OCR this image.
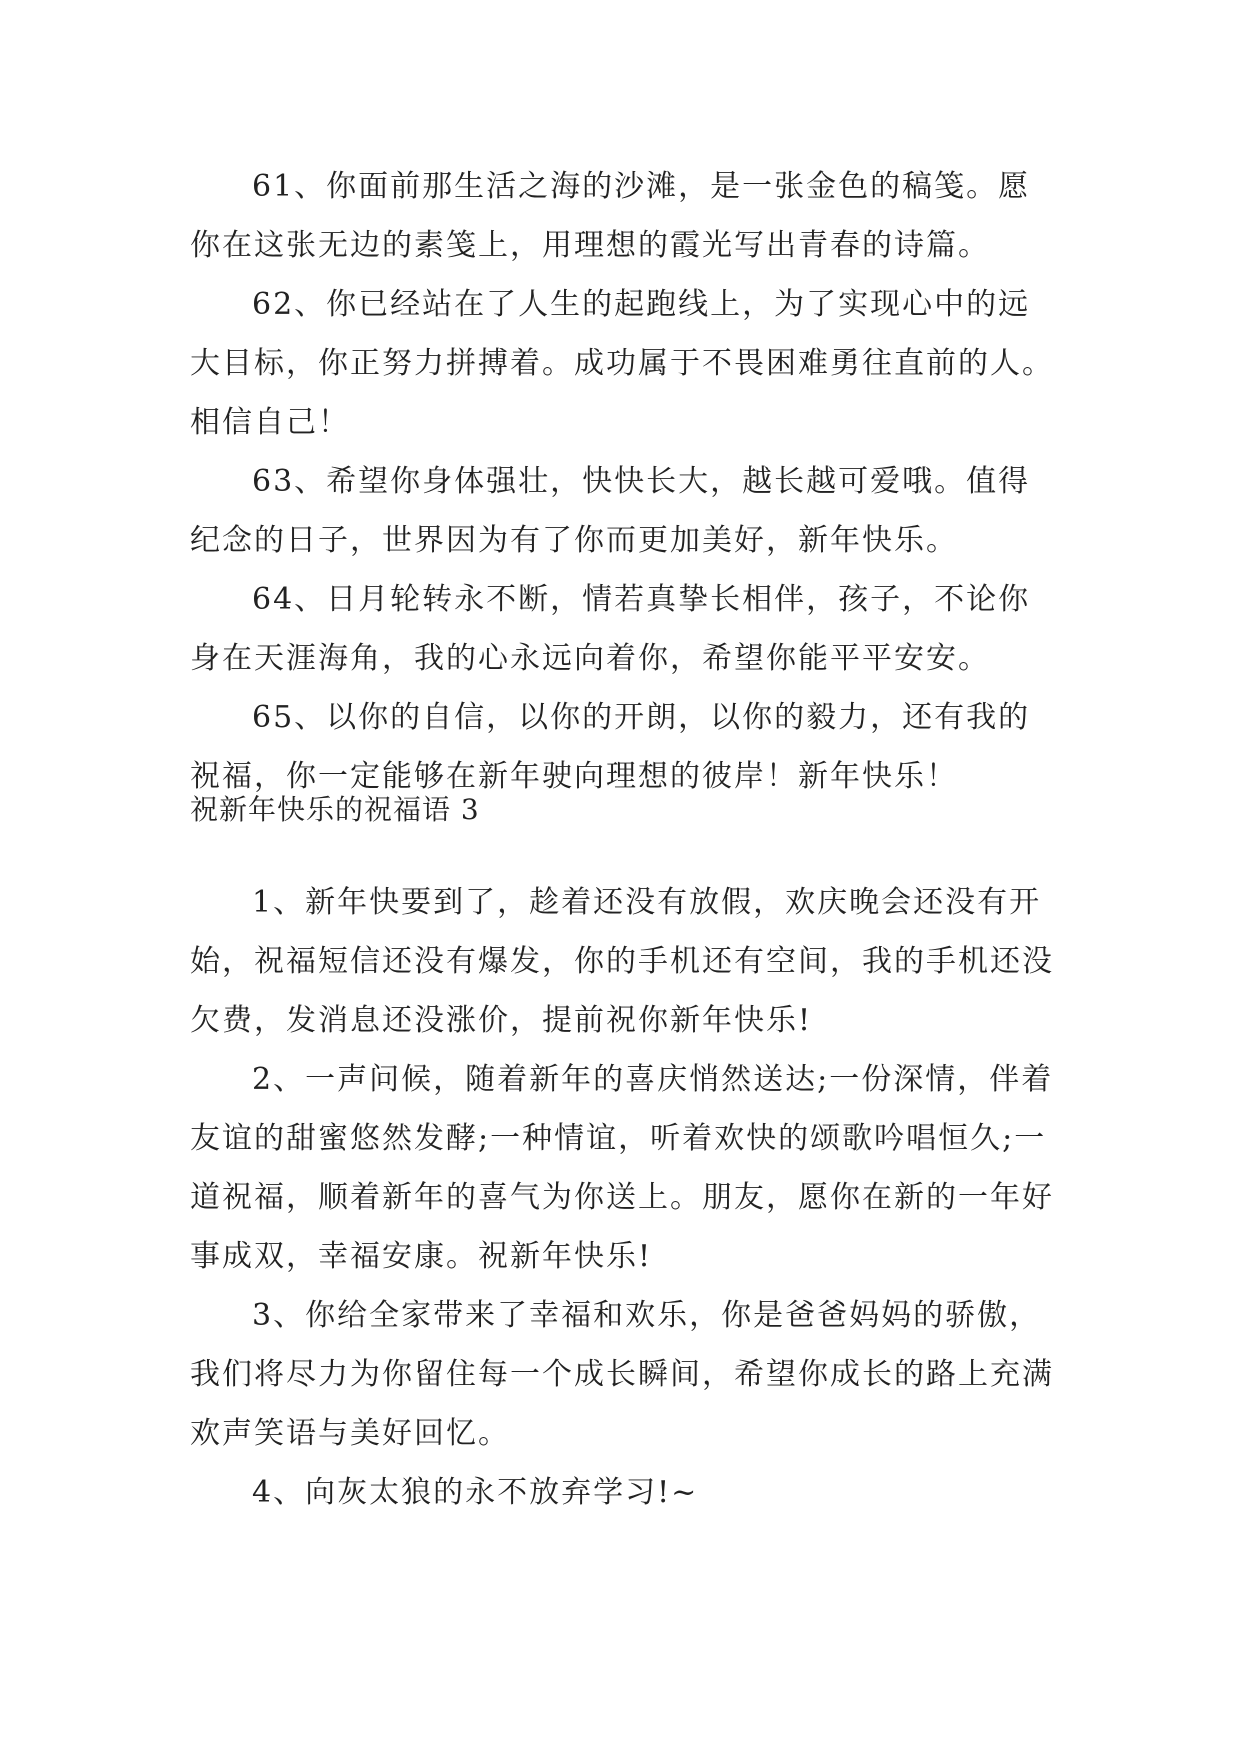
61、你面前那生活之海的沙滩，是一张金色的稿笺。愿你在这张无边的素笺上，用理想的霞光写出青春的诗篇。

62、你已经站在了人生的起跑线上，为了实现心中的远大目标，你正努力拼搏着。成功属于不畏困难勇往直前的人。相信自己！

63、希望你身体强壮，快快长大，越长越可爱哦。值得纪念的日子，世界因为有了你而更加美好，新年快乐。

64、日月轮转永不断，情若真挚长相伴，孩子，不论你身在天涯海角，我的心永远向着你，希望你能平平安安。

65、以你的自信，以你的开朗，以你的毅力，还有我的祝福，你一定能够在新年驶向理想的彼岸！新年快乐！

祝新年快乐的祝福语 3

1、新年快要到了，趁着还没有放假，欢庆晚会还没有开始，祝福短信还没有爆发，你的手机还有空间，我的手机还没欠费，发消息还没涨价，提前祝你新年快乐!

2、一声问候，随着新年的喜庆悄然送达;一份深情，伴着友谊的甜蜜悠然发酵;一种情谊，听着欢快的颂歌吟唱恒久;一道祝福，顺着新年的喜气为你送上。朋友，愿你在新的一年好事成双，幸福安康。祝新年快乐!

3、你给全家带来了幸福和欢乐，你是爸爸妈妈的骄傲，我们将尽力为你留住每一个成长瞬间，希望你成长的路上充满欢声笑语与美好回忆。

4、向灰太狼的永不放弃学习!~
